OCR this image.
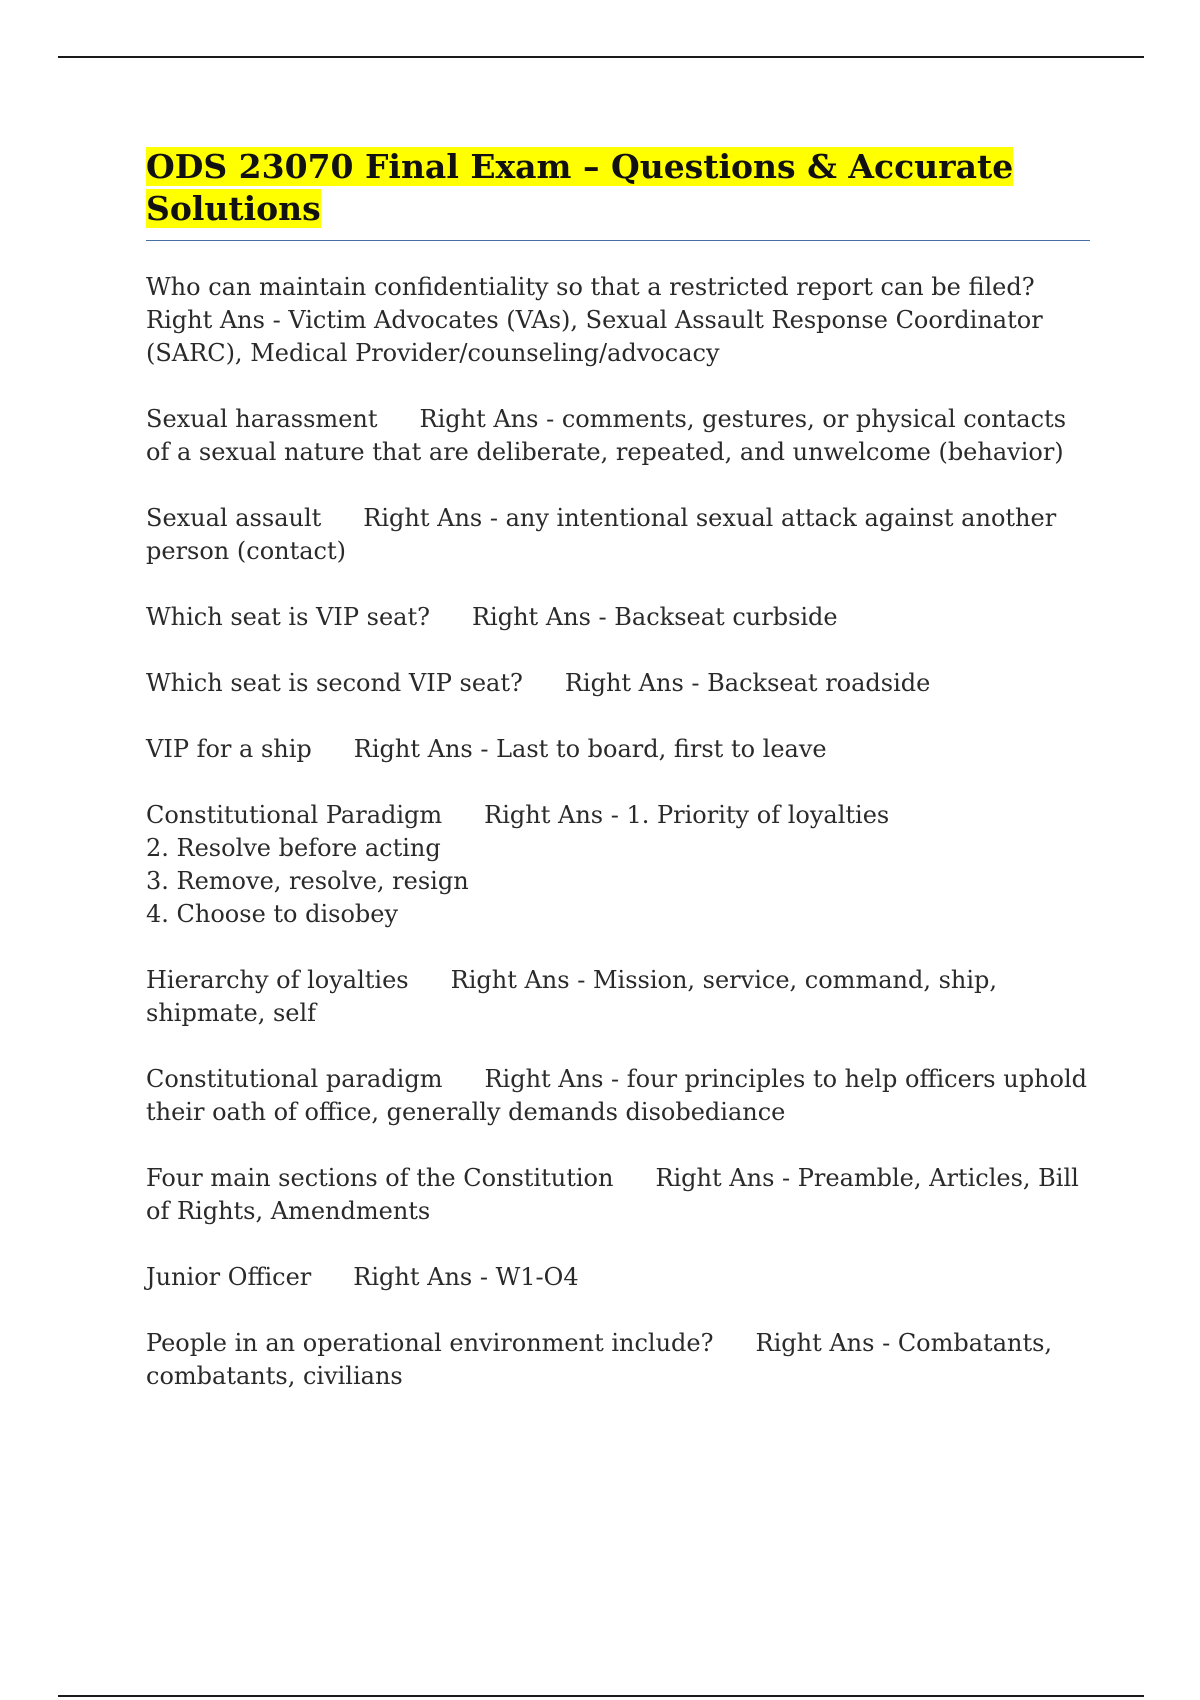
ODS 23070 Final Exam – Questions & Accurate Solutions

Who can maintain confidentiality so that a restricted report can be filed?
Right Ans - Victim Advocates (VAs), Sexual Assault Response Coordinator (SARC), Medical Provider/counseling/advocacy

Sexual harassment Right Ans - comments, gestures, or physical contacts of a sexual nature that are deliberate, repeated, and unwelcome (behavior)

Sexual assault Right Ans - any intentional sexual attack against another person (contact)

Which seat is VIP seat? Right Ans - Backseat curbside

Which seat is second VIP seat? Right Ans - Backseat roadside

VIP for a ship Right Ans - Last to board, first to leave

Constitutional Paradigm Right Ans - 1. Priority of loyalties
2. Resolve before acting
3. Remove, resolve, resign
4. Choose to disobey

Hierarchy of loyalties Right Ans - Mission, service, command, ship, shipmate, self

Constitutional paradigm Right Ans - four principles to help officers uphold their oath of office, generally demands disobediance

Four main sections of the Constitution Right Ans - Preamble, Articles, Bill of Rights, Amendments

Junior Officer Right Ans - W1-O4

People in an operational environment include? Right Ans - Combatants, combatants, civilians
